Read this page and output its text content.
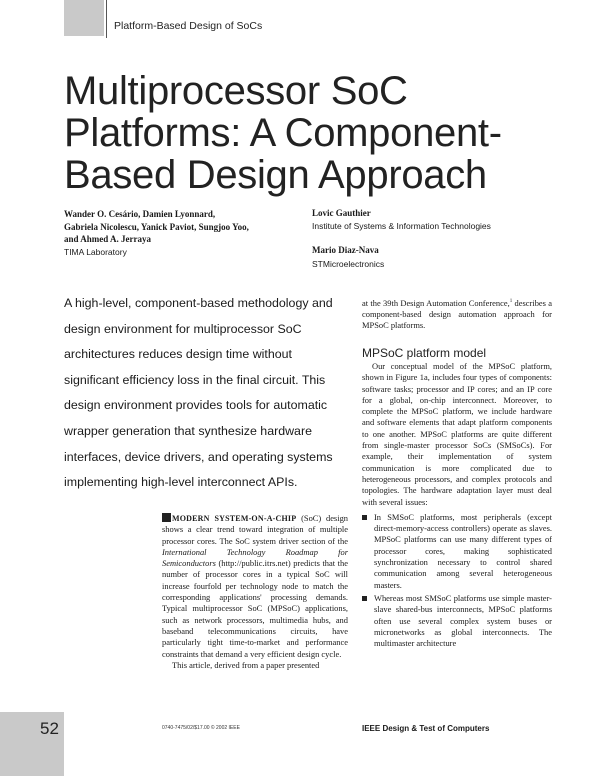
Platform-Based Design of SoCs
Multiprocessor SoC Platforms: A Component-Based Design Approach
Wander O. Cesário, Damien Lyonnard,
Gabriela Nicolescu, Yanick Paviot, Sungjoo Yoo,
and Ahmed A. Jerraya
TIMA Laboratory
Lovic Gauthier
Institute of Systems & Information Technologies
Mario Diaz-Nava
STMicroelectronics
A high-level, component-based methodology and design environment for multiprocessor SoC architectures reduces design time without significant efficiency loss in the final circuit. This design environment provides tools for automatic wrapper generation that synthesize hardware interfaces, device drivers, and operating systems implementing high-level interconnect APIs.
MODERN SYSTEM-ON-A-CHIP (SoC) design shows a clear trend toward integration of multiple processor cores. The SoC system driver section of the International Technology Roadmap for Semiconductors (http://public.itrs.net) predicts that the number of processor cores in a typical SoC will increase fourfold per technology node to match the corresponding applications' processing demands. Typical multiprocessor SoC (MPSoC) applications, such as network processors, multimedia hubs, and baseband telecommunications circuits, have particularly tight time-to-market and performance constraints that demand a very efficient design cycle.
This article, derived from a paper presented
at the 39th Design Automation Conference,$^1$ describes a component-based design automation approach for MPSoC platforms.
MPSoC platform model
Our conceptual model of the MPSoC platform, shown in Figure 1a, includes four types of components: software tasks; processor and IP cores; and an IP core for a global, on-chip interconnect. Moreover, to complete the MPSoC platform, we include hardware and software elements that adapt platform components to one another. MPSoC platforms are quite different from single-master processor SoCs (SMSoCs). For example, their implementation of system communication is more complicated due to heterogeneous processors, and complex protocols and topologies. The hardware adaptation layer must deal with several issues:
In SMSoC platforms, most peripherals (except direct-memory-access controllers) operate as slaves. MPSoC platforms can use many different types of processor cores, making sophisticated synchronization necessary to control shared communication among several heterogeneous masters.
Whereas most SMSoC platforms use simple master-slave shared-bus interconnects, MPSoC platforms often use several complex system buses or micronetworks as global interconnects. The multimaster architecture
52	0740-7475/02/$17.00 © 2002 IEEE	IEEE Design & Test of Computers
